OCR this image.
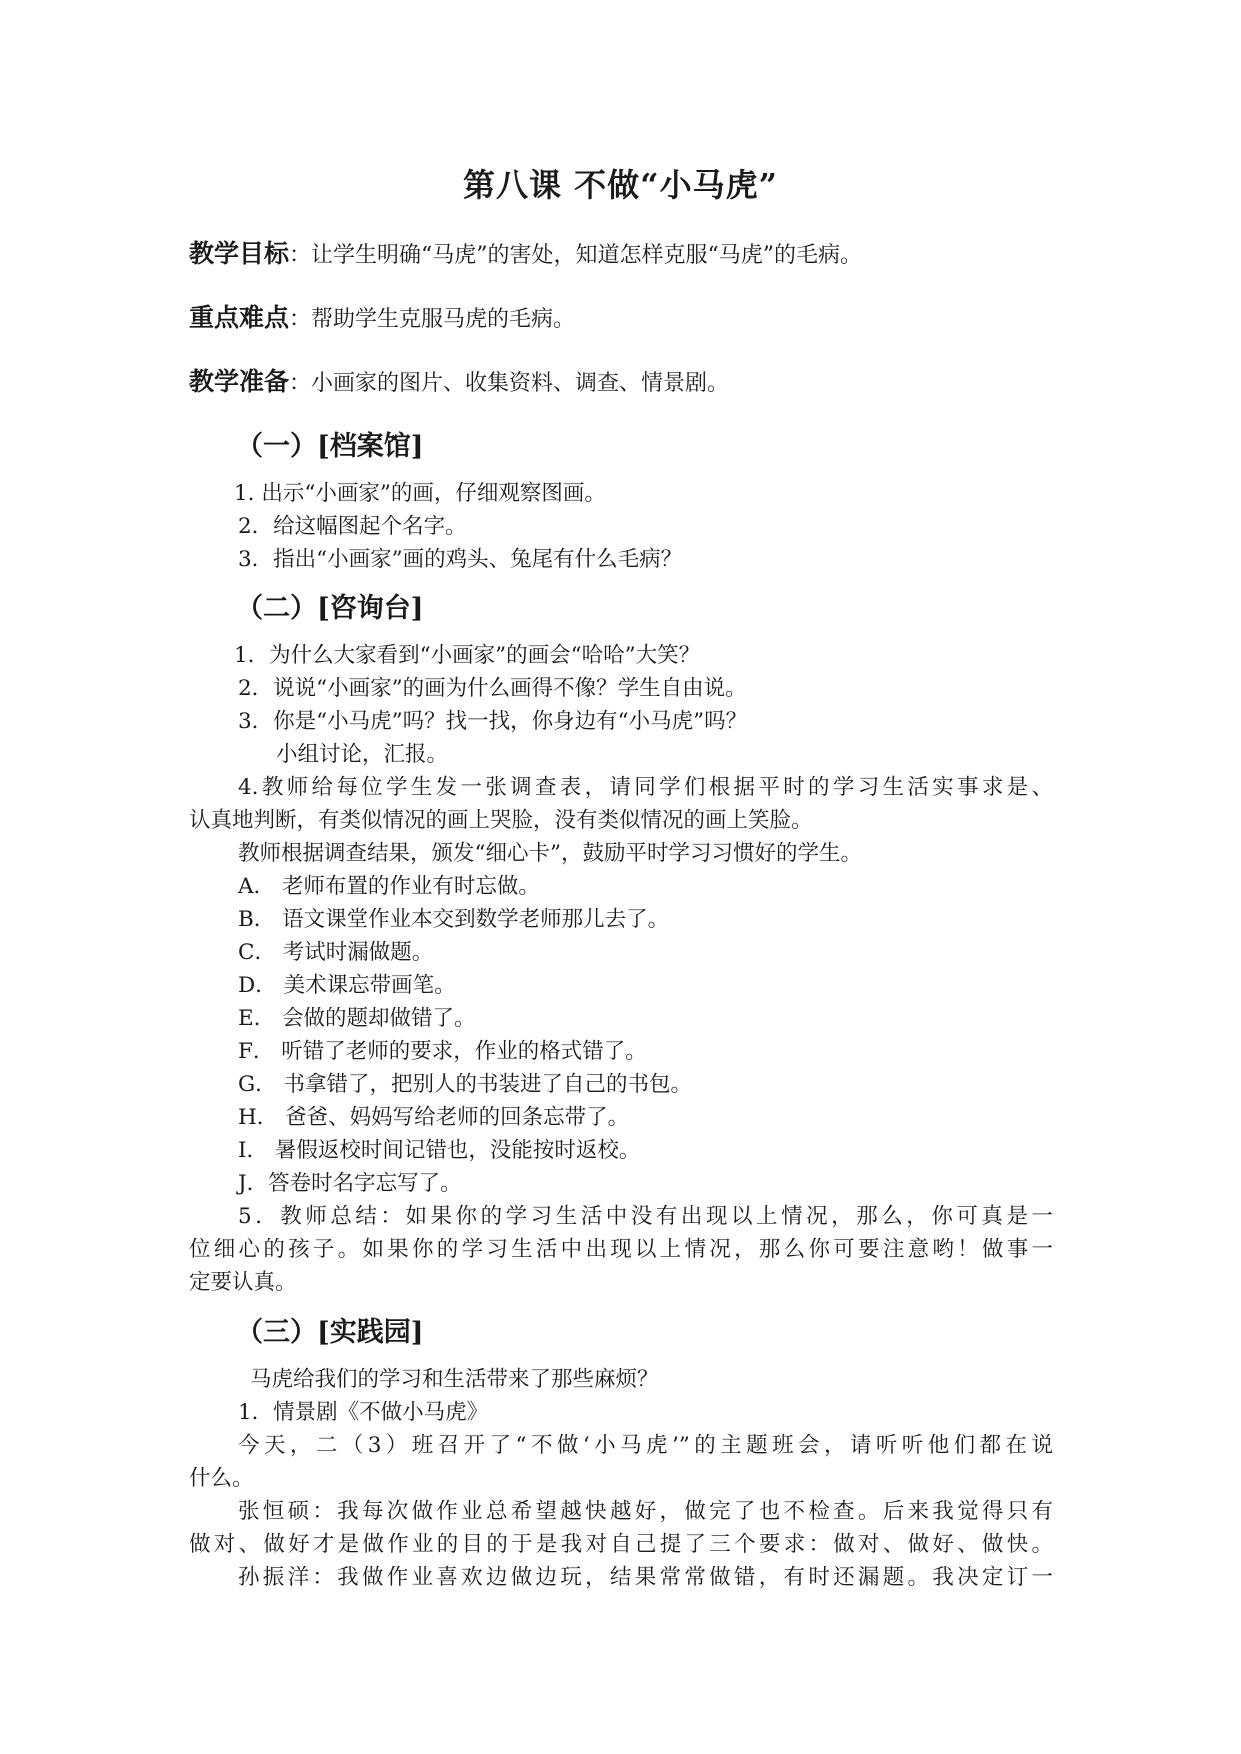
第八课 不做“小马虎”
教学目标：让学生明确“马虎”的害处，知道怎样克服“马虎”的毛病。
重点难点：帮助学生克服马虎的毛病。
教学准备：小画家的图片、收集资料、调查、情景剧。
（一）[档案馆]
1. 出示“小画家”的画，仔细观察图画。
2．给这幅图起个名字。
3．指出“小画家”画的鸡头、兔尾有什么毛病？
（二）[咨询台]
1．为什么大家看到“小画家”的画会“哈哈”大笑？
2．说说“小画家”的画为什么画得不像？学生自由说。
3．你是“小马虎”吗？找一找，你身边有“小马虎”吗？
小组讨论，汇报。
4.教师给每位学生发一张调查表，请同学们根据平时的学习生活实事求是、
认真地判断，有类似情况的画上哭脸，没有类似情况的画上笑脸。
教师根据调查结果，颁发“细心卡”，鼓励平时学习习惯好的学生。
A． 老师布置的作业有时忘做。
B． 语文课堂作业本交到数学老师那儿去了。
C． 考试时漏做题。
D． 美术课忘带画笔。
E． 会做的题却做错了。
F． 听错了老师的要求，作业的格式错了。
G． 书拿错了，把别人的书装进了自己的书包。
H． 爸爸、妈妈写给老师的回条忘带了。
I． 暑假返校时间记错也，没能按时返校。
J．答卷时名字忘写了。
5．教师总结：如果你的学习生活中没有出现以上情况，那么，你可真是一
位细心的孩子。如果你的学习生活中出现以上情况，那么你可要注意哟！做事一
定要认真。
（三）[实践园]
马虎给我们的学习和生活带来了那些麻烦？
1．情景剧《不做小马虎》
今天，二（3）班召开了“不做‘小马虎’”的主题班会，请听听他们都在说
什么。
张恒硕：我每次做作业总希望越快越好，做完了也不检查。后来我觉得只有
做对、做好才是做作业的目的于是我对自己提了三个要求：做对、做好、做快。
孙振洋：我做作业喜欢边做边玩，结果常常做错，有时还漏题。我决定订一
